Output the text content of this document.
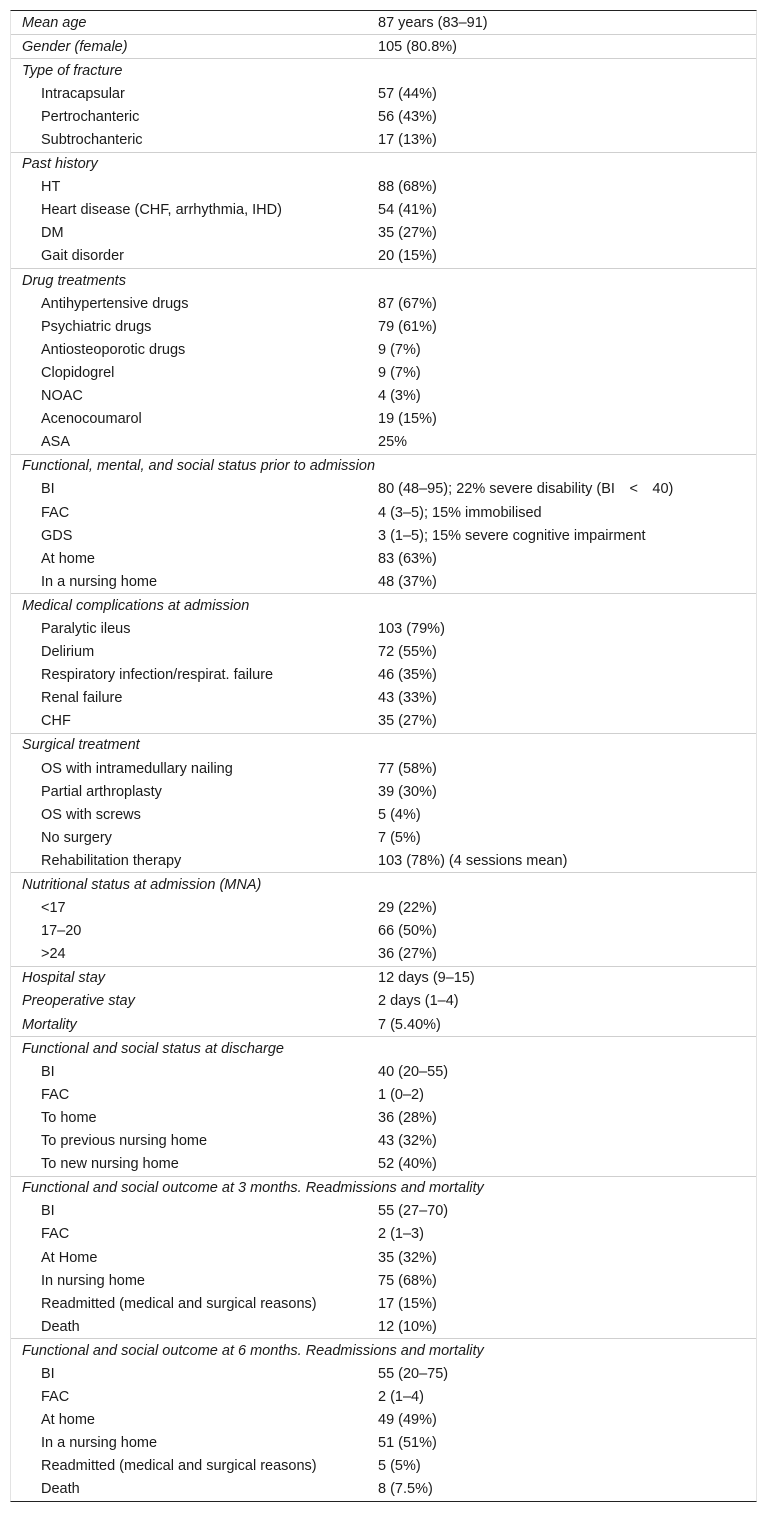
Mean age	87 years (83–91)
Gender (female)	105 (80.8%)
Type of fracture
Intracapsular	57 (44%)
Pertrochanteric	56 (43%)
Subtrochanteric	17 (13%)
Past history
HT	88 (68%)
Heart disease (CHF, arrhythmia, IHD)	54 (41%)
DM	35 (27%)
Gait disorder	20 (15%)
Drug treatments
Antihypertensive drugs	87 (67%)
Psychiatric drugs	79 (61%)
Antiosteoporotic drugs	9 (7%)
Clopidogrel	9 (7%)
NOAC	4 (3%)
Acenocoumarol	19 (15%)
ASA	25%
Functional, mental, and social status prior to admission
BI	80 (48–95); 22% severe disability (BI < 40)
FAC	4 (3–5); 15% immobilised
GDS	3 (1–5); 15% severe cognitive impairment
At home	83 (63%)
In a nursing home	48 (37%)
Medical complications at admission
Paralytic ileus	103 (79%)
Delirium	72 (55%)
Respiratory infection/respirat. failure	46 (35%)
Renal failure	43 (33%)
CHF	35 (27%)
Surgical treatment
OS with intramedullary nailing	77 (58%)
Partial arthroplasty	39 (30%)
OS with screws	5 (4%)
No surgery	7 (5%)
Rehabilitation therapy	103 (78%) (4 sessions mean)
Nutritional status at admission (MNA)
<17	29 (22%)
17–20	66 (50%)
>24	36 (27%)
Hospital stay	12 days (9–15)
Preoperative stay	2 days (1–4)
Mortality	7 (5.40%)
Functional and social status at discharge
BI	40 (20–55)
FAC	1 (0–2)
To home	36 (28%)
To previous nursing home	43 (32%)
To new nursing home	52 (40%)
Functional and social outcome at 3 months. Readmissions and mortality
BI	55 (27–70)
FAC	2 (1–3)
At Home	35 (32%)
In nursing home	75 (68%)
Readmitted (medical and surgical reasons)	17 (15%)
Death	12 (10%)
Functional and social outcome at 6 months. Readmissions and mortality
BI	55 (20–75)
FAC	2 (1–4)
At home	49 (49%)
In a nursing home	51 (51%)
Readmitted (medical and surgical reasons)	5 (5%)
Death	8 (7.5%)
